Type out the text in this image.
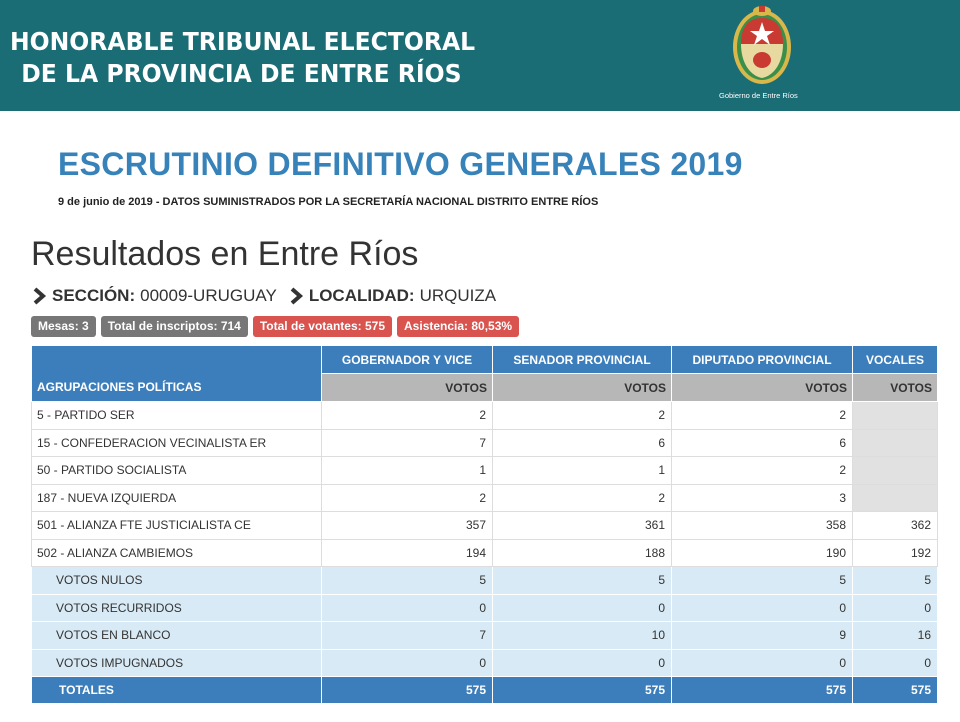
HONORABLE TRIBUNAL ELECTORAL
DE LA PROVINCIA DE ENTRE RÍOS
Gobierno de Entre Ríos
ESCRUTINIO DEFINITIVO GENERALES 2019
9 de junio de 2019 - DATOS SUMINISTRADOS POR LA SECRETARÍA NACIONAL DISTRITO ENTRE RÍOS
Resultados en Entre Ríos
SECCIÓN: 00009-URUGUAY LOCALIDAD: URQUIZA
Mesas: 3	Total de inscriptos: 714	Total de votantes: 575	Asistencia: 80,53%
AGRUPACIONES POLÍTICAS	GOBERNADOR Y VICE	SENADOR PROVINCIAL	DIPUTADO PROVINCIAL	VOCALES
	VOTOS	VOTOS	VOTOS	VOTOS
5 - PARTIDO SER	2	2	2	
15 - CONFEDERACION VECINALISTA ER	7	6	6	
50 - PARTIDO SOCIALISTA	1	1	2	
187 - NUEVA IZQUIERDA	2	2	3	
501 - ALIANZA FTE JUSTICIALISTA CE	357	361	358	362
502 - ALIANZA CAMBIEMOS	194	188	190	192
VOTOS NULOS	5	5	5	5
VOTOS RECURRIDOS	0	0	0	0
VOTOS EN BLANCO	7	10	9	16
VOTOS IMPUGNADOS	0	0	0	0
TOTALES	575	575	575	575
